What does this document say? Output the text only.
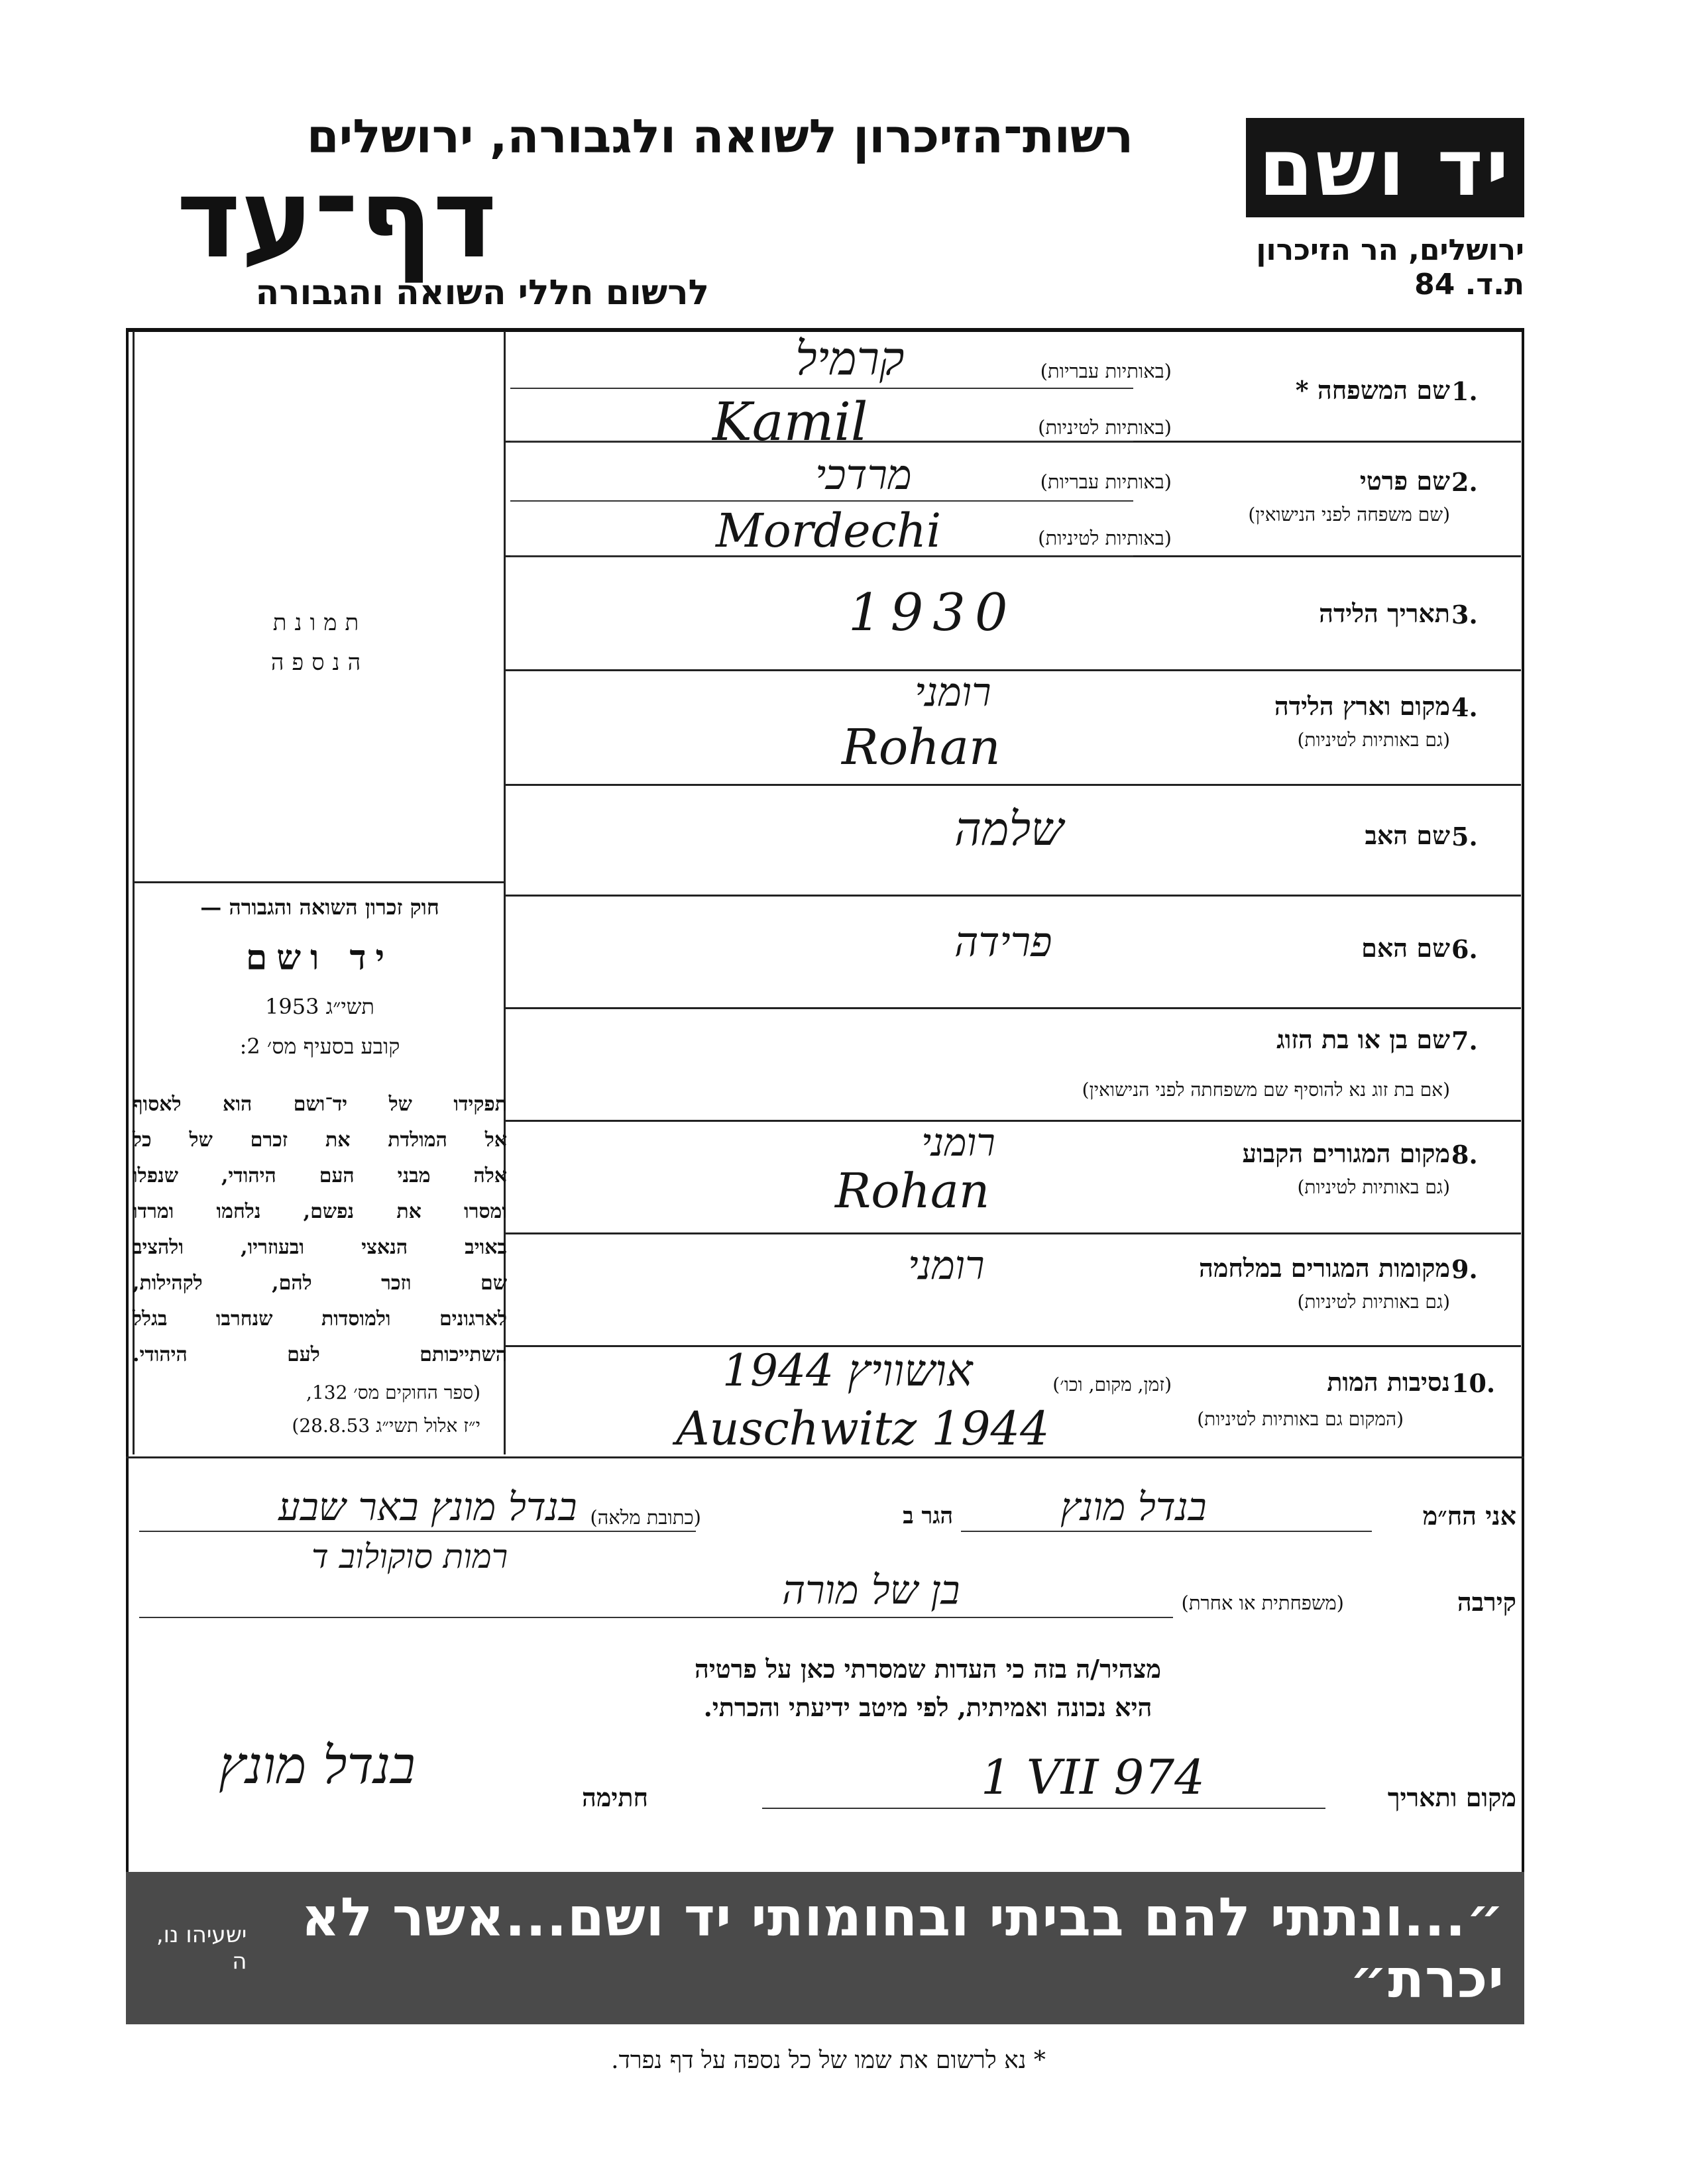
יד ושם
ירושלים, הר הזיכרון
ת.ד. 84
רשות־הזיכרון לשואה ולגבורה, ירושלים
דף־עד
לרשום חללי השואה והגבורה
1.
שם המשפחה *
(באותיות עבריות)
(באותיות לטיניות)
קרמיל
Kamil
2.
שם פרטי
(שם משפחה לפני הנישואין)
(באותיות עבריות)
(באותיות לטיניות)
מרדכי
Mordechi
3.
תאריך הלידה
1930
4.
מקום וארץ הלידה
(גם באותיות לטיניות)
רומני
Rohan
5.
שם האב
שלמה
6.
שם האם
פרידה
7.
שם בן או בת הזוג
(אם בת זוג נא להוסיף שם משפחתה לפני הנישואין)
8.
מקום המגורים הקבוע
(גם באותיות לטיניות)
רומני
Rohan
9.
מקומות המגורים במלחמה
(גם באותיות לטיניות)
רומני
10.
נסיבות המות
(זמן, מקום, וכו׳)
(המקום גם באותיות לטיניות)
אושוויץ 1944
Auschwitz 1944
תמונת
הנספה
חוק זכרון השואה והגבורה —
יד ושם
תשי״ג 1953
קובע בסעיף מס׳ 2:
תפקידו של יד־ושם הוא לאסוף
אל המולדת את זכרם של כל
אלה מבני העם היהודי, שנפלו
ומסרו את נפשם, נלחמו ומרדו
באויב הנאצי ובעוזריו, ולהציב
שם וזכר להם, לקהילות,
לארגונים ולמוסדות שנחרבו בגלל
השתייכותם לעם היהודי.
(ספר החוקים מס׳ 132,
י״ז אלול תשי״ג 28.8.53)
אני הח״מ
בנדל מונץ
הגר ב
(כתובת מלאה)
בנדל מונץ באר שבע
רמות סוקולוב ד
קירבה
(משפחתית או אחרת)
בן של מורה
מצהיר/ה בזה כי העדות שמסרתי כאן על פרטיה
היא נכונה ואמיתית, לפי מיטב ידיעתי והכרתי.
מקום ותאריך
1 VII 974
חתימה
בנדל מונץ
״...ונתתי להם בביתי ובחומותי יד ושם...אשר לא יכרת״
ישעיהו נו, ה
* נא לרשום את שמו של כל נספה על דף נפרד.
